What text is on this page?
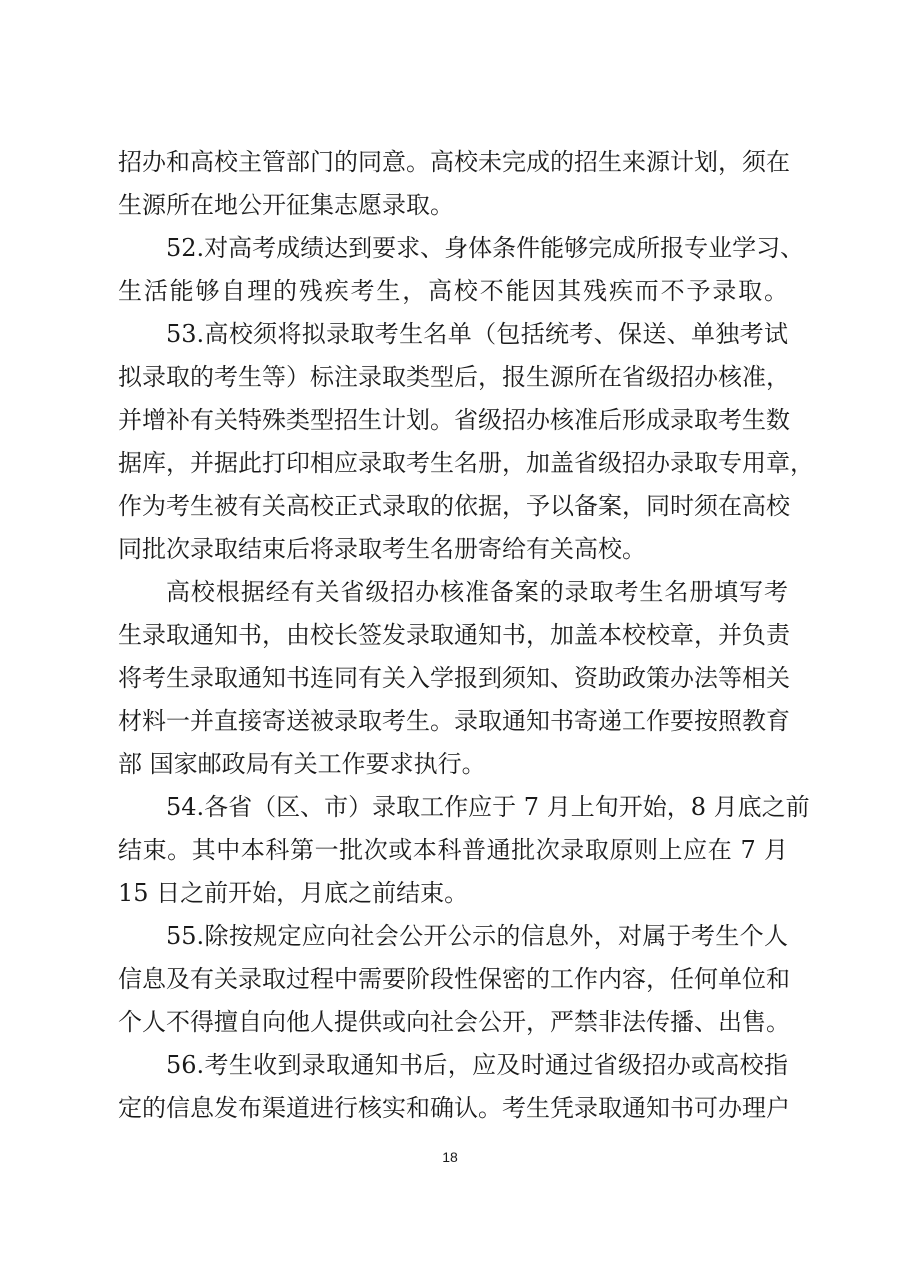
招办和高校主管部门的同意。高校未完成的招生来源计划，须在
生源所在地公开征集志愿录取。
52.对高考成绩达到要求、身体条件能够完成所报专业学习、
生活能够自理的残疾考生，高校不能因其残疾而不予录取。
53.高校须将拟录取考生名单（包括统考、保送、单独考试
拟录取的考生等）标注录取类型后，报生源所在省级招办核准，
并增补有关特殊类型招生计划。省级招办核准后形成录取考生数
据库，并据此打印相应录取考生名册，加盖省级招办录取专用章，
作为考生被有关高校正式录取的依据，予以备案，同时须在高校
同批次录取结束后将录取考生名册寄给有关高校。
高校根据经有关省级招办核准备案的录取考生名册填写考
生录取通知书，由校长签发录取通知书，加盖本校校章，并负责
将考生录取通知书连同有关入学报到须知、资助政策办法等相关
材料一并直接寄送被录取考生。录取通知书寄递工作要按照教育
部 国家邮政局有关工作要求执行。
54.各省（区、市）录取工作应于 7 月上旬开始，8 月底之前
结束。其中本科第一批次或本科普通批次录取原则上应在 7 月
15 日之前开始，月底之前结束。
55.除按规定应向社会公开公示的信息外，对属于考生个人
信息及有关录取过程中需要阶段性保密的工作内容，任何单位和
个人不得擅自向他人提供或向社会公开，严禁非法传播、出售。
56.考生收到录取通知书后，应及时通过省级招办或高校指
定的信息发布渠道进行核实和确认。考生凭录取通知书可办理户
18
